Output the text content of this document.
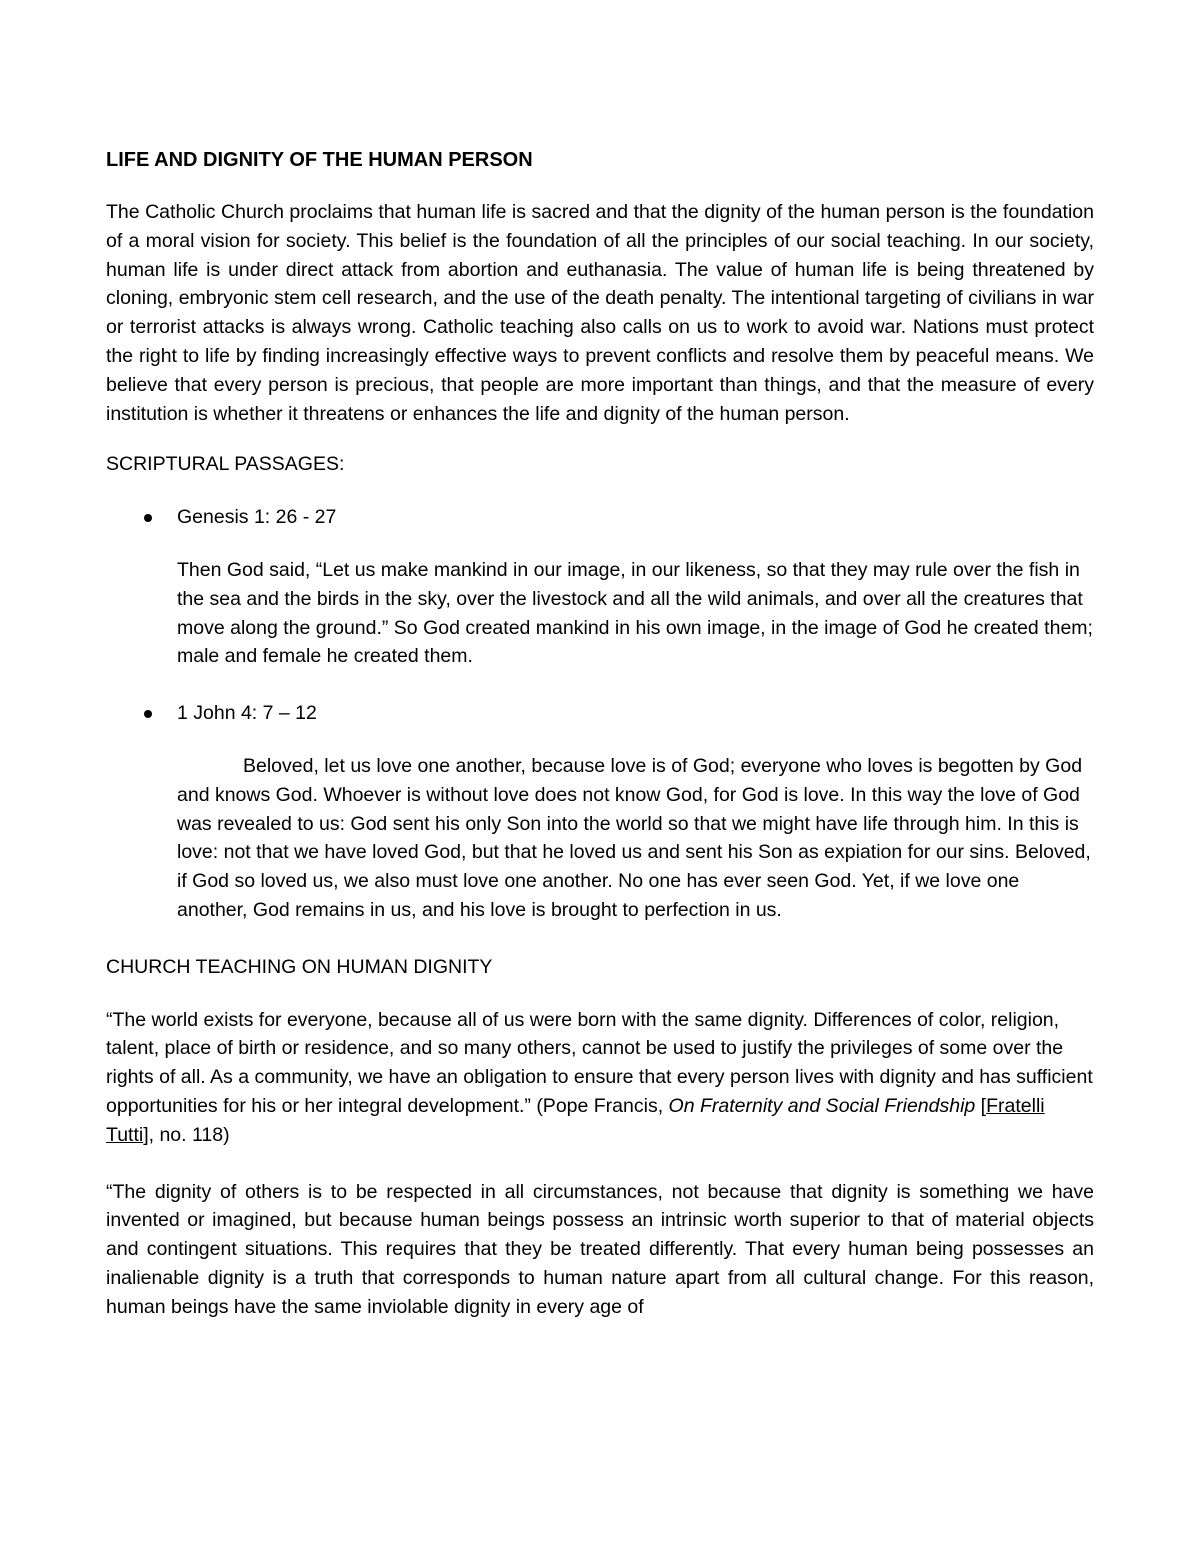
LIFE AND DIGNITY OF THE HUMAN PERSON

The Catholic Church proclaims that human life is sacred and that the dignity of the human person is the foundation of a moral vision for society. This belief is the foundation of all the principles of our social teaching. In our society, human life is under direct attack from abortion and euthanasia. The value of human life is being threatened by cloning, embryonic stem cell research, and the use of the death penalty. The intentional targeting of civilians in war or terrorist attacks is always wrong. Catholic teaching also calls on us to work to avoid war. Nations must protect the right to life by finding increasingly effective ways to prevent conflicts and resolve them by peaceful means. We believe that every person is precious, that people are more important than things, and that the measure of every institution is whether it threatens or enhances the life and dignity of the human person.

SCRIPTURAL PASSAGES:

Genesis 1: 26 - 27

Then God said, “Let us make mankind in our image, in our likeness, so that they may rule over the fish in the sea and the birds in the sky, over the livestock and all the wild animals, and over all the creatures that move along the ground.” So God created mankind in his own image, in the image of God he created them; male and female he created them.

1 John 4: 7 – 12

Beloved, let us love one another, because love is of God; everyone who loves is begotten by God and knows God. Whoever is without love does not know God, for God is love. In this way the love of God was revealed to us: God sent his only Son into the world so that we might have life through him. In this is love: not that we have loved God, but that he loved us and sent his Son as expiation for our sins. Beloved, if God so loved us, we also must love one another. No one has ever seen God. Yet, if we love one another, God remains in us, and his love is brought to perfection in us.

CHURCH TEACHING ON HUMAN DIGNITY

“The world exists for everyone, because all of us were born with the same dignity. Differences of color, religion, talent, place of birth or residence, and so many others, cannot be used to justify the privileges of some over the rights of all. As a community, we have an obligation to ensure that every person lives with dignity and has sufficient opportunities for his or her integral development.” (Pope Francis, On Fraternity and Social Friendship [Fratelli Tutti], no. 118)

“The dignity of others is to be respected in all circumstances, not because that dignity is something we have invented or imagined, but because human beings possess an intrinsic worth superior to that of material objects and contingent situations. This requires that they be treated differently. That every human being possesses an inalienable dignity is a truth that corresponds to human nature apart from all cultural change. For this reason, human beings have the same inviolable dignity in every age of
